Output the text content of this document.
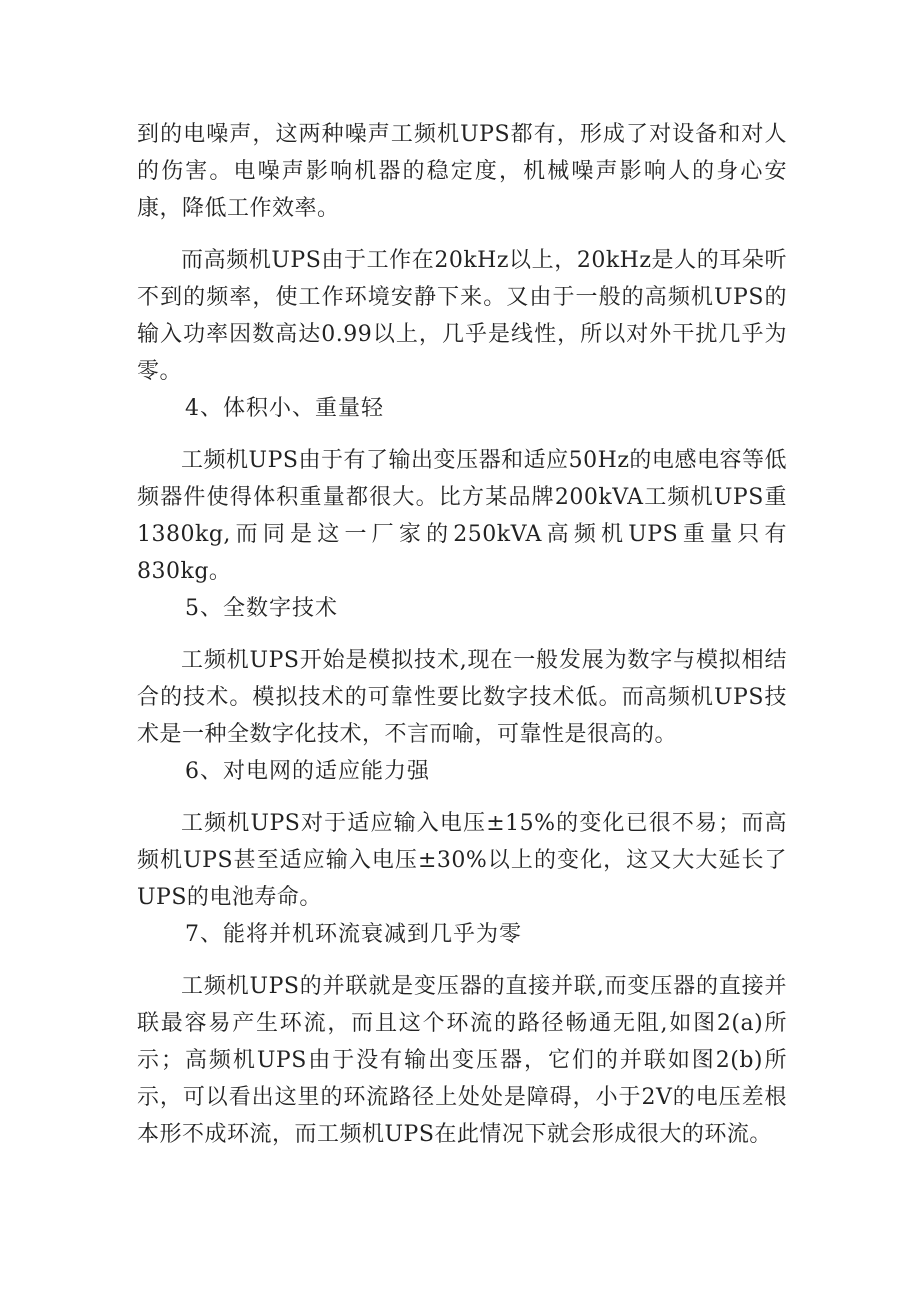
到的电噪声，这两种噪声工频机UPS都有，形成了对设备和对人的伤害。电噪声影响机器的稳定度，机械噪声影响人的身心安康，降低工作效率。

而高频机UPS由于工作在20kHz以上，20kHz是人的耳朵听不到的频率，使工作环境安静下来。又由于一般的高频机UPS的输入功率因数高达0.99以上，几乎是线性，所以对外干扰几乎为零。

4、体积小、重量轻

工频机UPS由于有了输出变压器和适应50Hz的电感电容等低频器件使得体积重量都很大。比方某品牌200kVA工频机UPS重1380kg,而同是这一厂家的250kVA高频机UPS重量只有830kg。

5、全数字技术

工频机UPS开始是模拟技术,现在一般发展为数字与模拟相结合的技术。模拟技术的可靠性要比数字技术低。而高频机UPS技术是一种全数字化技术，不言而喻，可靠性是很高的。

6、对电网的适应能力强

工频机UPS对于适应输入电压±15%的变化已很不易；而高频机UPS甚至适应输入电压±30%以上的变化，这又大大延长了UPS的电池寿命。

7、能将并机环流衰减到几乎为零

工频机UPS的并联就是变压器的直接并联,而变压器的直接并联最容易产生环流，而且这个环流的路径畅通无阻,如图2(a)所示；高频机UPS由于没有输出变压器，它们的并联如图2(b)所示，可以看出这里的环流路径上处处是障碍，小于2V的电压差根本形不成环流，而工频机UPS在此情况下就会形成很大的环流。
